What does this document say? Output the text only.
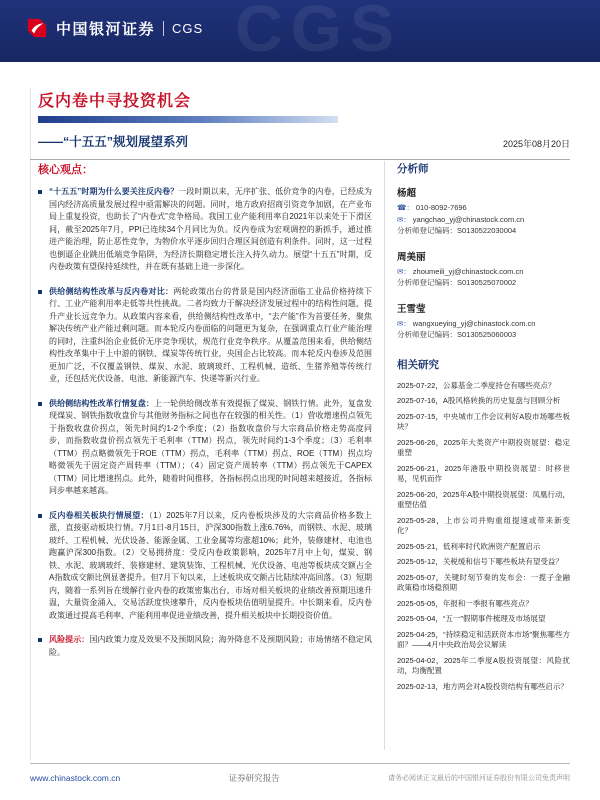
CGS
中国银河证券	CGS
反内卷中寻投资机会
——“十五五”规划展望系列	2025年08月20日
核心观点：

“十五五”时期为什么要关注反内卷？一段时期以来，无序扩张、低价竞争的内卷，已经成为国内经济高质量发展过程中亟需解决的问题。同时，地方政府招商引资竞争加剧，在产业布局上重复投资，也助长了“内卷式”竞争格局。我国工业产能利用率自2021年以来处于下滑区间，截至2025年7月，PPI已连续34个月同比为负。反内卷成为宏观调控的新抓手，通过推进产能治理，防止恶性竞争，为物价水平逐步回归合理区间创造有利条件。同时，这一过程也倒逼企业跳出低端竞争陷阱，为经济长期稳定增长注入持久动力。展望“十五五”时期，反内卷政策有望保持延续性，并在既有基础上进一步深化。

供给侧结构性改革与反内卷对比：两轮政策出台的背景是国内经济面临工业品价格持续下行、工业产能利用率走低等共性挑战。二者均致力于解决经济发展过程中的结构性问题，提升产业长远竞争力。从政策内容来看，供给侧结构性改革中，“去产能”作为首要任务，聚焦解决传统产业产能过剩问题。而本轮反内卷面临的问题更为复杂，在强调重点行业产能治理的同时，注重纠治企业低价无序竞争现状，规范行业竞争秩序。从覆盖范围来看，供给侧结构性改革集中于上中游的钢铁、煤炭等传统行业，央国企占比较高。而本轮反内卷涉及范围更加广泛，不仅覆盖钢铁、煤炭、水泥、玻璃玻纤、工程机械、造纸、生猪养殖等传统行业，还包括光伏设备、电池、新能源汽车、快递等新兴行业。

供给侧结构性改革行情复盘：上一轮供给侧改革有效提振了煤炭、钢铁行情。此外，复盘发现煤炭、钢铁指数收盘价与其他财务指标之间也存在较强的相关性。（1）营收增速拐点领先于指数收盘价拐点，领先时间约1-2个季度；（2）指数收盘价与大宗商品价格走势高度同步，而指数收盘价拐点领先于毛利率（TTM）拐点，领先时间约1-3个季度；（3）毛利率（TTM）拐点略微领先于ROE（TTM）拐点，毛利率（TTM）拐点、ROE（TTM）拐点均略微领先于固定资产周转率（TTM）；（4）固定资产周转率（TTM）拐点领先于CAPEX（TTM）同比增速拐点。此外，随着时间推移，各指标拐点出现的时间越来越接近，各指标同步率越来越高。

反内卷相关板块行情展望：（1）2025年7月以来，反内卷板块涉及的大宗商品价格多数上涨，直接驱动板块行情。7月1日-8月15日，沪深300指数上涨6.76%，而钢铁、水泥、玻璃玻纤、工程机械、光伏设备、能源金属、工业金属等均涨超10%；此外，装修建材、电池也跑赢沪深300指数。（2）交易拥挤度：受反内卷政策影响，2025年7月中上旬，煤炭、钢铁、水泥、玻璃玻纤、装修建材、建筑装饰、工程机械、光伏设备、电池等板块成交额占全A指数成交额比例显著提升。但7月下旬以来，上述板块成交额占比陆续冲高回落。（3）短期内，随着一系列旨在缓解行业内卷的政策密集出台，市场对相关板块的业绩改善预期迅速升温，大量资金涌入，交易活跃度快速攀升，反内卷板块估值明显提升。中长期来看，反内卷政策通过提高毛利率、产能利用率促进业绩改善，提升相关板块中长期投资价值。

风险提示：国内政策力度及效果不及预期风险；海外降息不及预期风险；市场情绪不稳定风险。

分析师
杨超
☎： 010-8092-7696
✉： yangchao_yj@chinastock.com.cn
分析师登记编码：S0130522030004
周美丽
✉： zhoumeili_yj@chinastock.com.cn
分析师登记编码：S0130525070002
王雪莹
✉： wangxueying_yj@chinastock.com.cn
分析师登记编码：S0130525060003
相关研究
2025-07-22，公募基金二季度持仓有哪些亮点？
2025-07-16，A股风格转换的历史复盘与回顾分析
2025-07-15，中央城市工作会议利好A股市场哪些板块？
2025-06-26，2025年大类资产中期投资展望：稳定重塑
2025-06-21，2025年港股中期投资展望：时移世易，见机而作
2025-06-20，2025年A股中期投资展望：凤凰行动，重塑估值
2025-05-28，上市公司并购重组提速或带来新变化？
2025-05-21，低利率时代欧洲资产配置启示
2025-05-12，关税缓和信号下哪些板块有望受益？
2025-05-07，关键时刻节奏的发布会：一揽子金融政策稳市场稳预期
2025-05-05，年报和一季报有哪些亮点？
2025-05-04，“五一”假期事件梳理及市场展望
2025-04-25，“持续稳定和活跃资本市场”聚焦哪些方面？——4月中央政治局会议解读
2025-04-02，2025年二季度A股投资展望：风险扰动，均衡配置
2025-02-13，地方两会对A股投资结构有哪些启示？
www.chinastock.com.cn	证券研究报告	请务必阅读正文最后的中国银河证券股份有限公司免责声明
